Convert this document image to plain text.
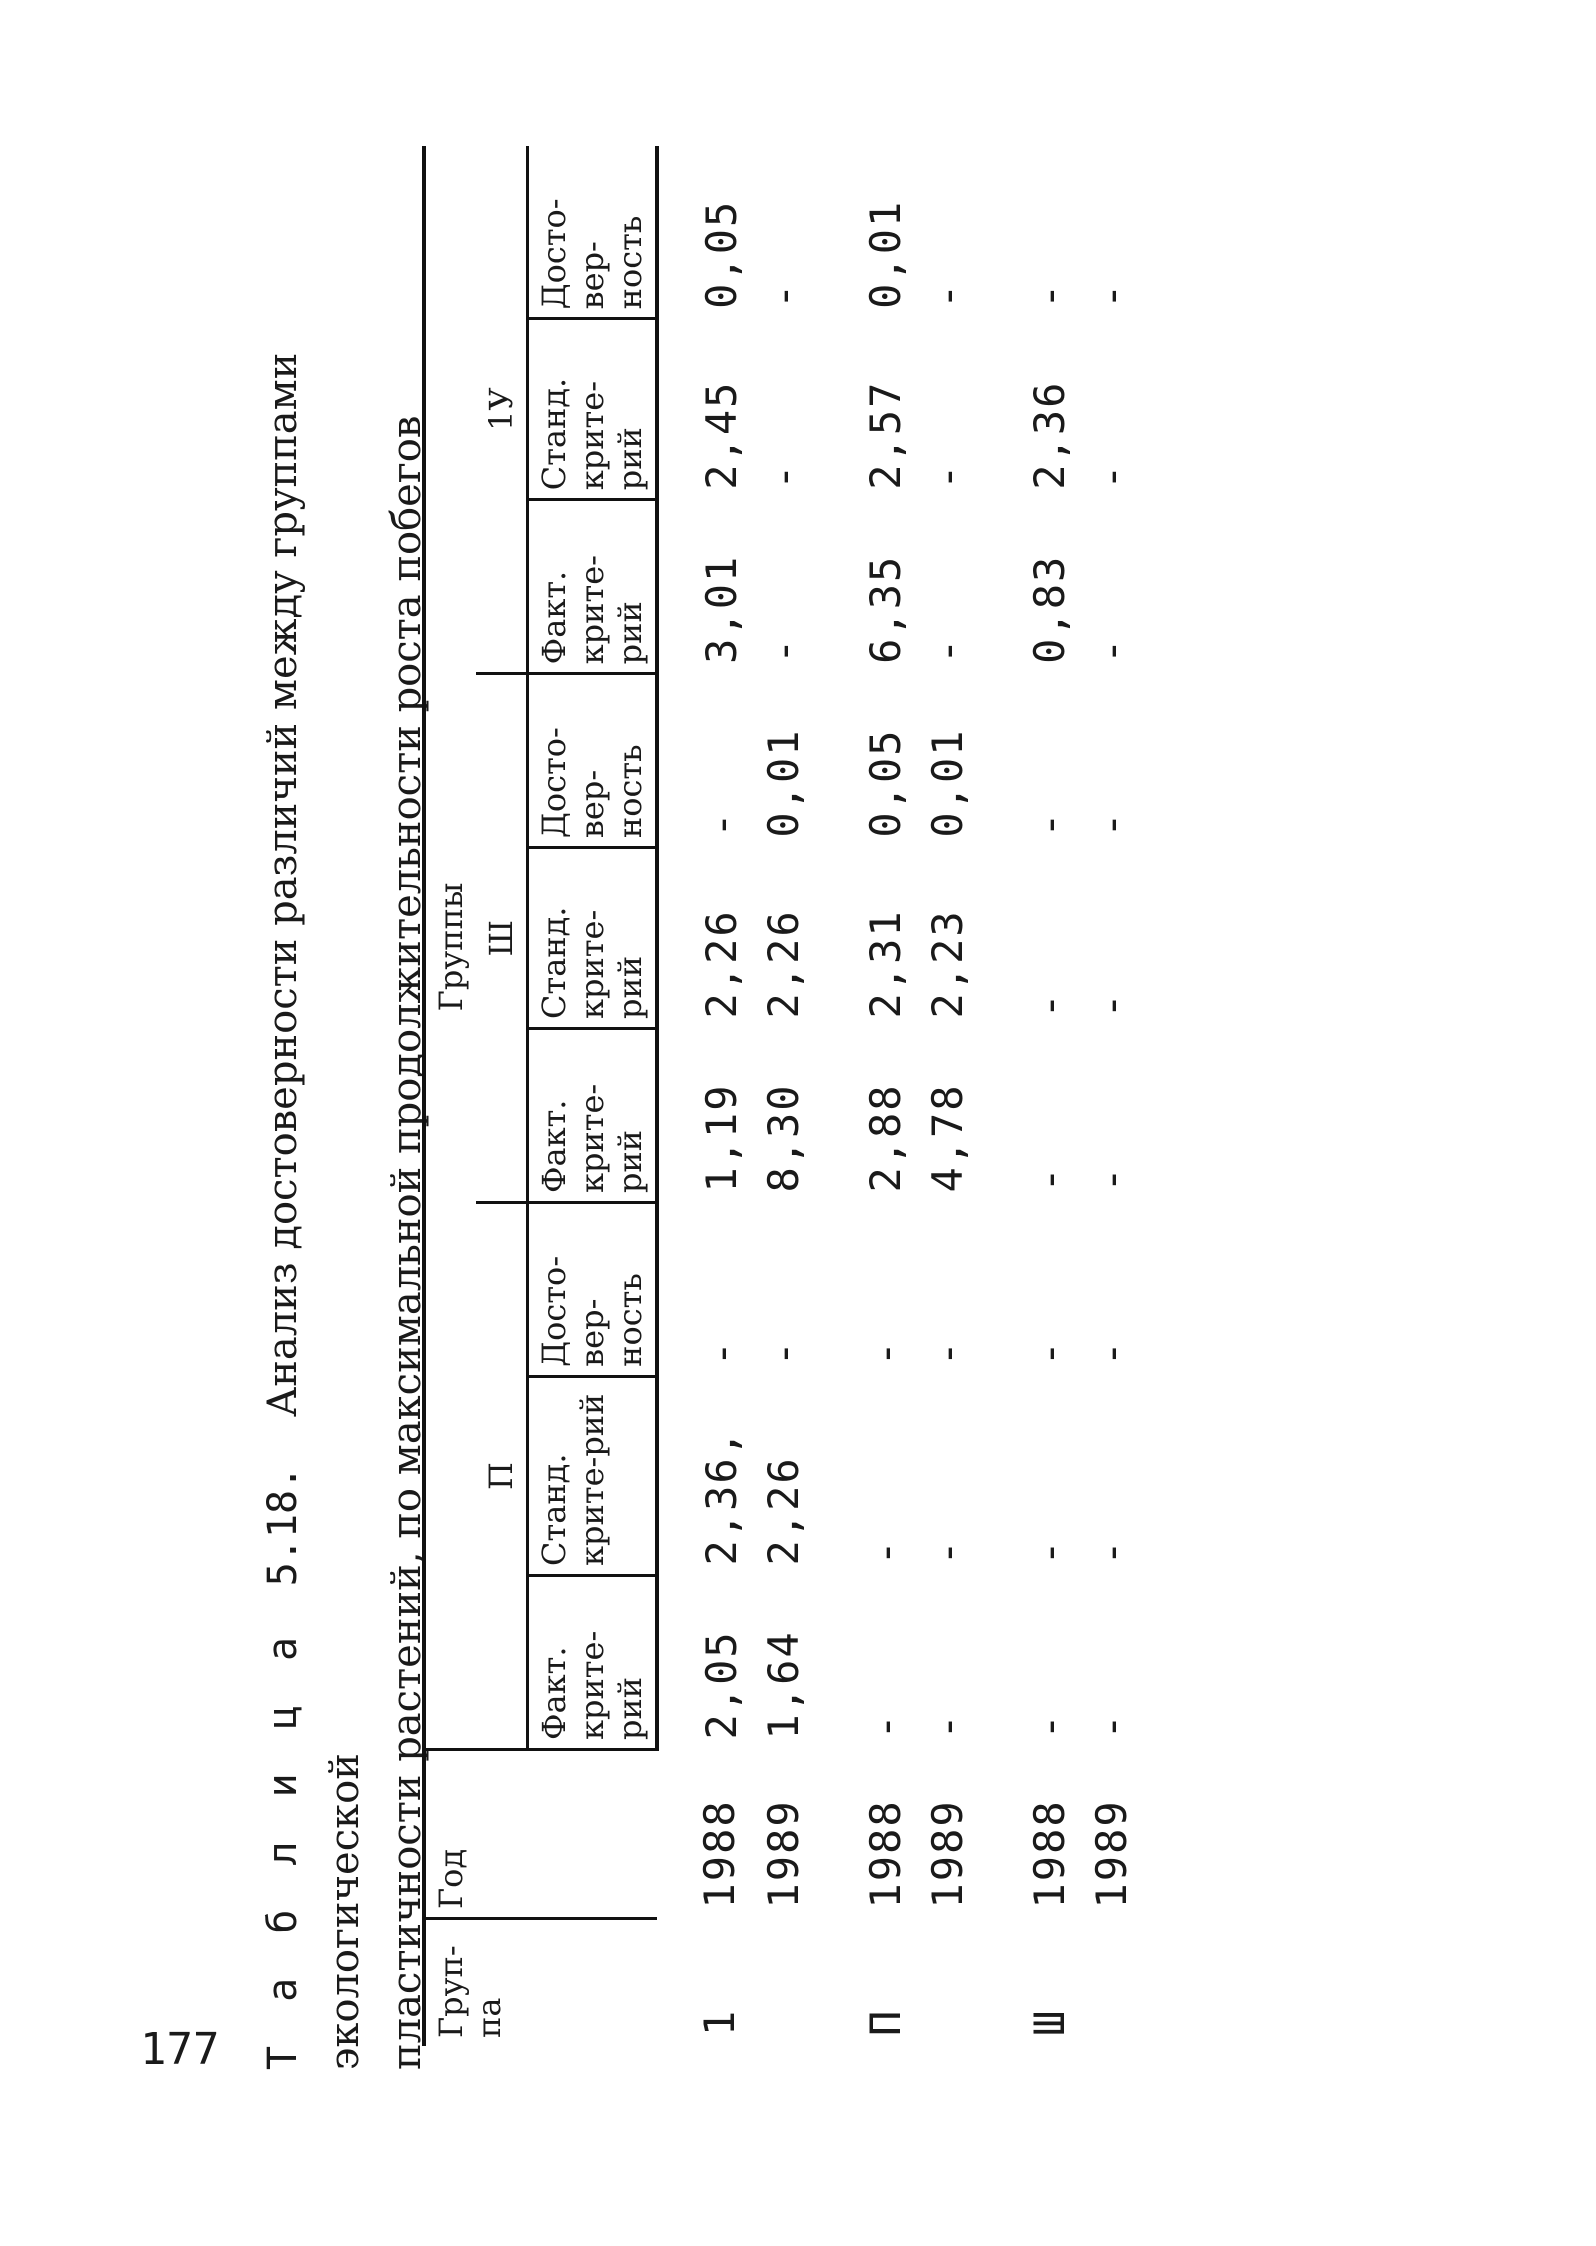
177 Т а б л и ц а 5.18. Анализ достоверности различий между группами экологической пластичности растений, по максимальной продолжительности роста побегов Груп-па	Год	Группы								
		П			Ш			1У		
		Факт. крите-рий	Станд. крите-рий	Досто-вер-ность	Факт. крите-рий	Станд. крите-рий	Досто-вер-ность	Факт. крите-рий	Станд. крите-рий	Досто-вер-ность
1	1988	2,05	2,36,	-	1,19	2,26	-	3,01	2,45	0,05
	1989	1,64	2,26	-	8,30	2,26	0,01	-	-	-
П	1988	-	-	-	2,88	2,31	0,05	6,35	2,57	0,01
	1989	-	-	-	4,78	2,23	0,01	-	-	-
Ш	1988	-	-	-	-	-	-	0,83	2,36	-
	1989	-	-	-	-	-	-	-	-	-
